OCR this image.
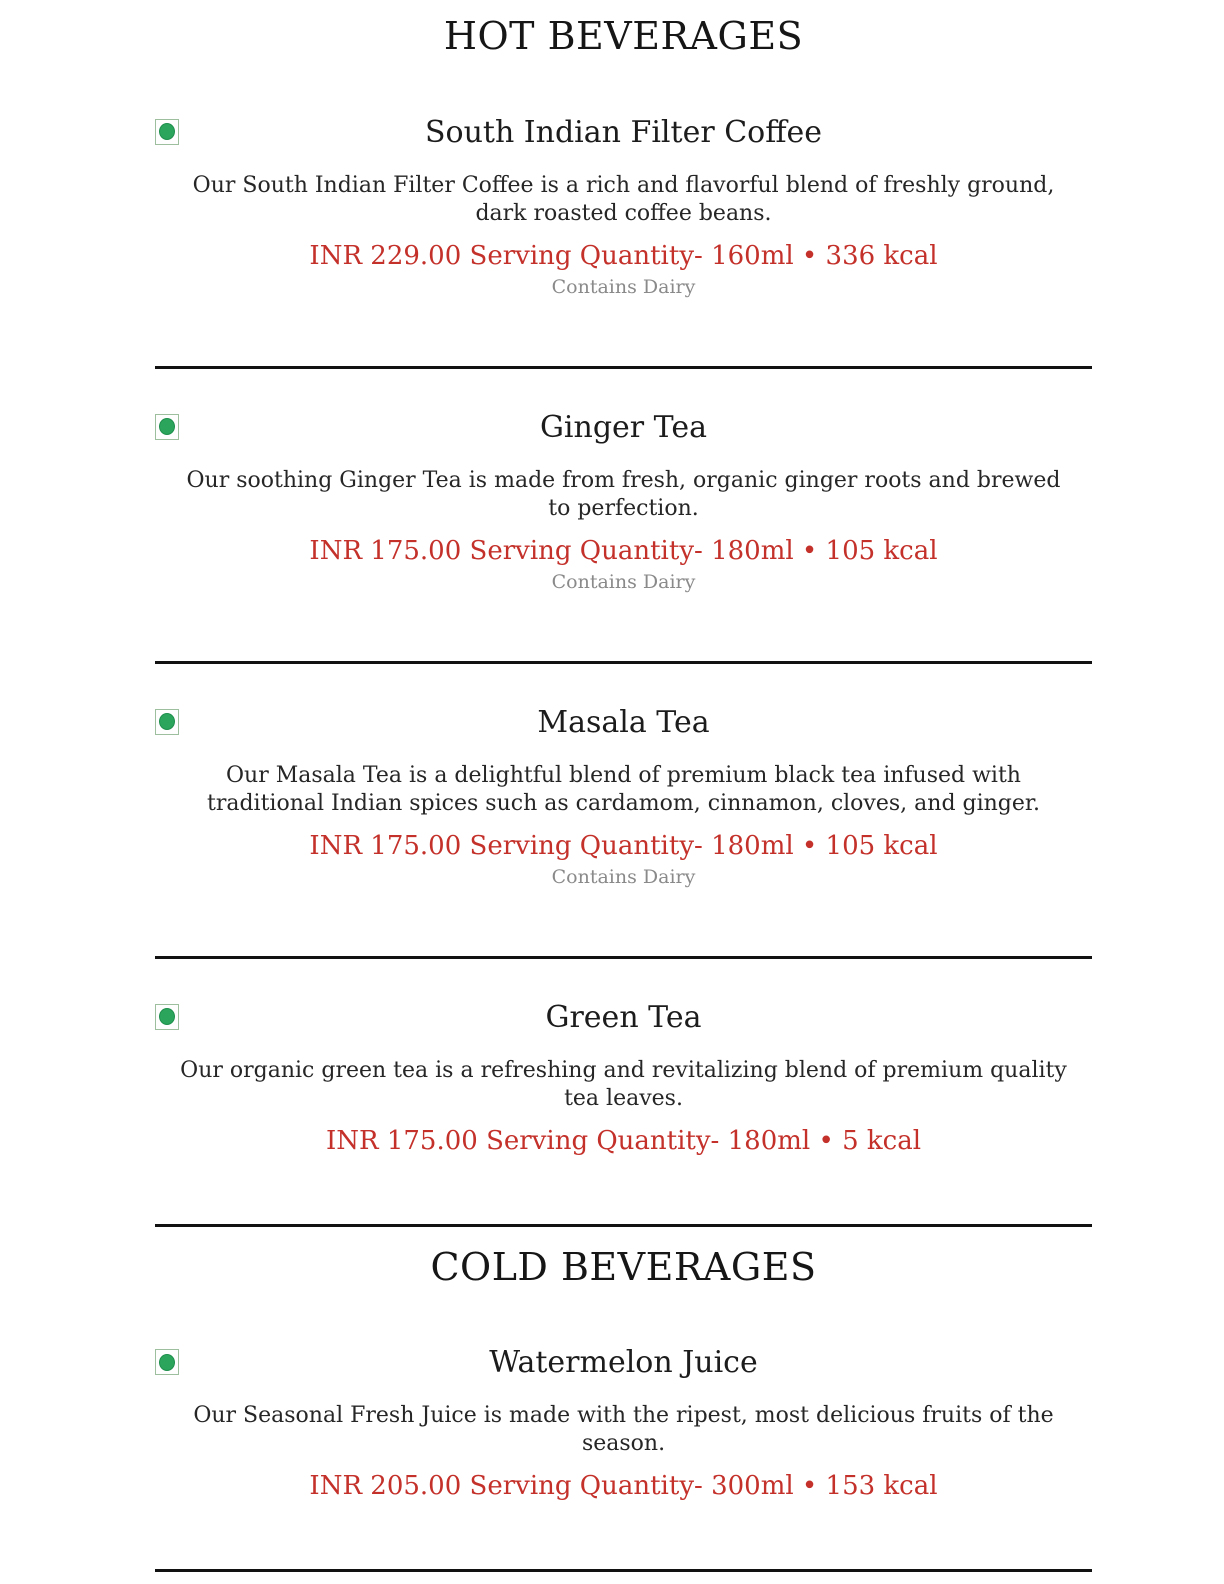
HOT BEVERAGES
South Indian Filter Coffee
Our South Indian Filter Coffee is a rich and flavorful blend of freshly ground, dark roasted coffee beans.
INR 229.00 Serving Quantity- 160ml • 336 kcal
Contains Dairy
Ginger Tea
Our soothing Ginger Tea is made from fresh, organic ginger roots and brewed to perfection.
INR 175.00 Serving Quantity- 180ml • 105 kcal
Contains Dairy
Masala Tea
Our Masala Tea is a delightful blend of premium black tea infused with traditional Indian spices such as cardamom, cinnamon, cloves, and ginger.
INR 175.00 Serving Quantity- 180ml • 105 kcal
Contains Dairy
Green Tea
Our organic green tea is a refreshing and revitalizing blend of premium quality tea leaves.
INR 175.00 Serving Quantity- 180ml • 5 kcal
COLD BEVERAGES
Watermelon Juice
Our Seasonal Fresh Juice is made with the ripest, most delicious fruits of the season.
INR 205.00 Serving Quantity- 300ml • 153 kcal
